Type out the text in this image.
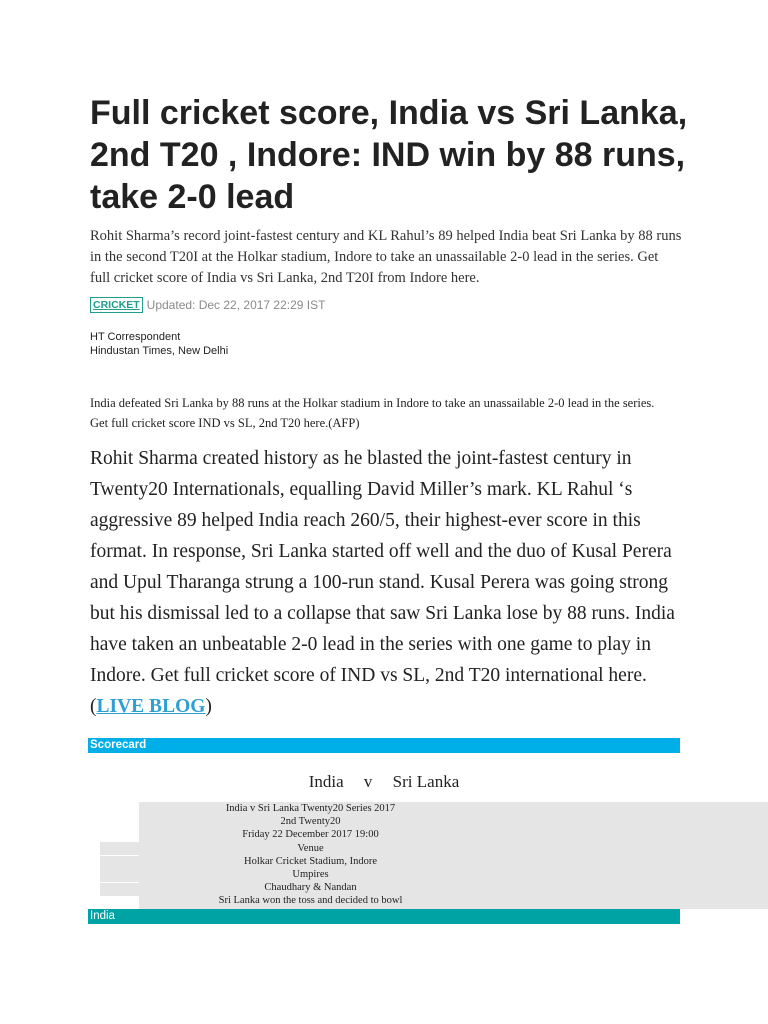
Full cricket score, India vs Sri Lanka, 2nd T20 , Indore: IND win by 88 runs, take 2-0 lead

Rohit Sharma’s record joint-fastest century and KL Rahul’s 89 helped India beat Sri Lanka by 88 runs in the second T20I at the Holkar stadium, Indore to take an unassailable 2-0 lead in the series. Get full cricket score of India vs Sri Lanka, 2nd T20I from Indore here.

CRICKET Updated: Dec 22, 2017 22:29 IST
HT Correspondent
Hindustan Times, New Delhi

India defeated Sri Lanka by 88 runs at the Holkar stadium in Indore to take an unassailable 2-0 lead in the series. Get full cricket score IND vs SL, 2nd T20 here.(AFP)

Rohit Sharma created history as he blasted the joint-fastest century in Twenty20 Internationals, equalling David Miller’s mark. KL Rahul ‘s aggressive 89 helped India reach 260/5, their highest-ever score in this format. In response, Sri Lanka started off well and the duo of Kusal Perera and Upul Tharanga strung a 100-run stand. Kusal Perera was going strong but his dismissal led to a collapse that saw Sri Lanka lose by 88 runs. India have taken an unbeatable 2-0 lead in the series with one game to play in Indore. Get full cricket score of IND vs SL, 2nd T20 international here. (LIVE BLOG)

Scorecard
India v Sri Lanka
India v Sri Lanka Twenty20 Series 2017
2nd Twenty20
Friday 22 December 2017 19:00
Venue
Holkar Cricket Stadium, Indore
Umpires
Chaudhary & Nandan
Sri Lanka won the toss and decided to bowl
India
